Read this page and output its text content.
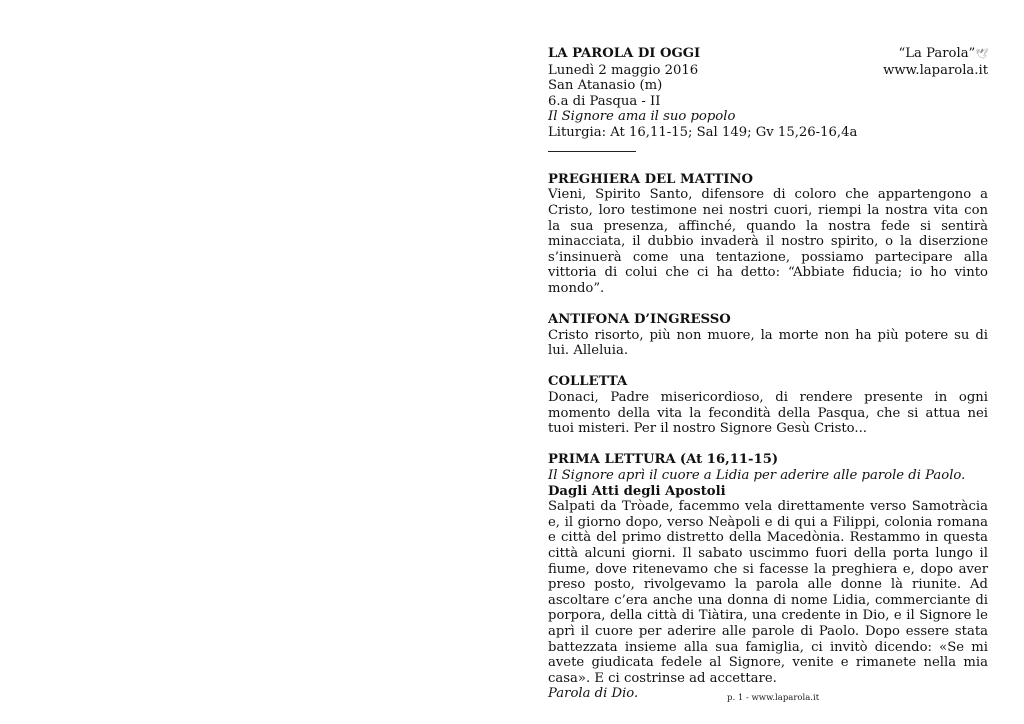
LA PAROLA DI OGGI	“La Parola”🕊
Lunedì 2 maggio 2016	www.laparola.it
San Atanasio (m)
6.a di Pasqua - II
Il Signore ama il suo popolo
Liturgia: At 16,11-15; Sal 149; Gv 15,26-16,4a
PREGHIERA DEL MATTINO
Vieni, Spirito Santo, difensore di coloro che appartengono a Cristo, loro testimone nei nostri cuori, riempi la nostra vita con la sua presenza, affinché, quando la nostra fede si sentirà minacciata, il dubbio invaderà il nostro spirito, o la diserzione s’insinuerà come una tentazione, possiamo partecipare alla vittoria di colui che ci ha detto: “Abbiate fiducia; io ho vinto mondo”.
ANTIFONA D’INGRESSO
Cristo risorto, più non muore, la morte non ha più potere su di lui. Alleluia.
COLLETTA
Donaci, Padre misericordioso, di rendere presente in ogni momento della vita la fecondità della Pasqua, che si attua nei tuoi misteri. Per il nostro Signore Gesù Cristo...
PRIMA LETTURA (At 16,11-15)
Il Signore aprì il cuore a Lidia per aderire alle parole di Paolo.
Dagli Atti degli Apostoli
Salpati da Tròade, facemmo vela direttamente verso Samotràcia e, il giorno dopo, verso Neàpoli e di qui a Filippi, colonia romana e città del primo distretto della Macedònia. Restammo in questa città alcuni giorni. Il sabato uscimmo fuori della porta lungo il fiume, dove ritenevamo che si facesse la preghiera e, dopo aver preso posto, rivolgevamo la parola alle donne là riunite. Ad ascoltare c’era anche una donna di nome Lidia, commerciante di porpora, della città di Tiàtira, una credente in Dio, e il Signore le aprì il cuore per aderire alle parole di Paolo. Dopo essere stata battezzata insieme alla sua famiglia, ci invitò dicendo: «Se mi avete giudicata fedele al Signore, venite e rimanete nella mia casa». E ci costrinse ad accettare.
Parola di Dio.	p. 1 - www.laparola.it
